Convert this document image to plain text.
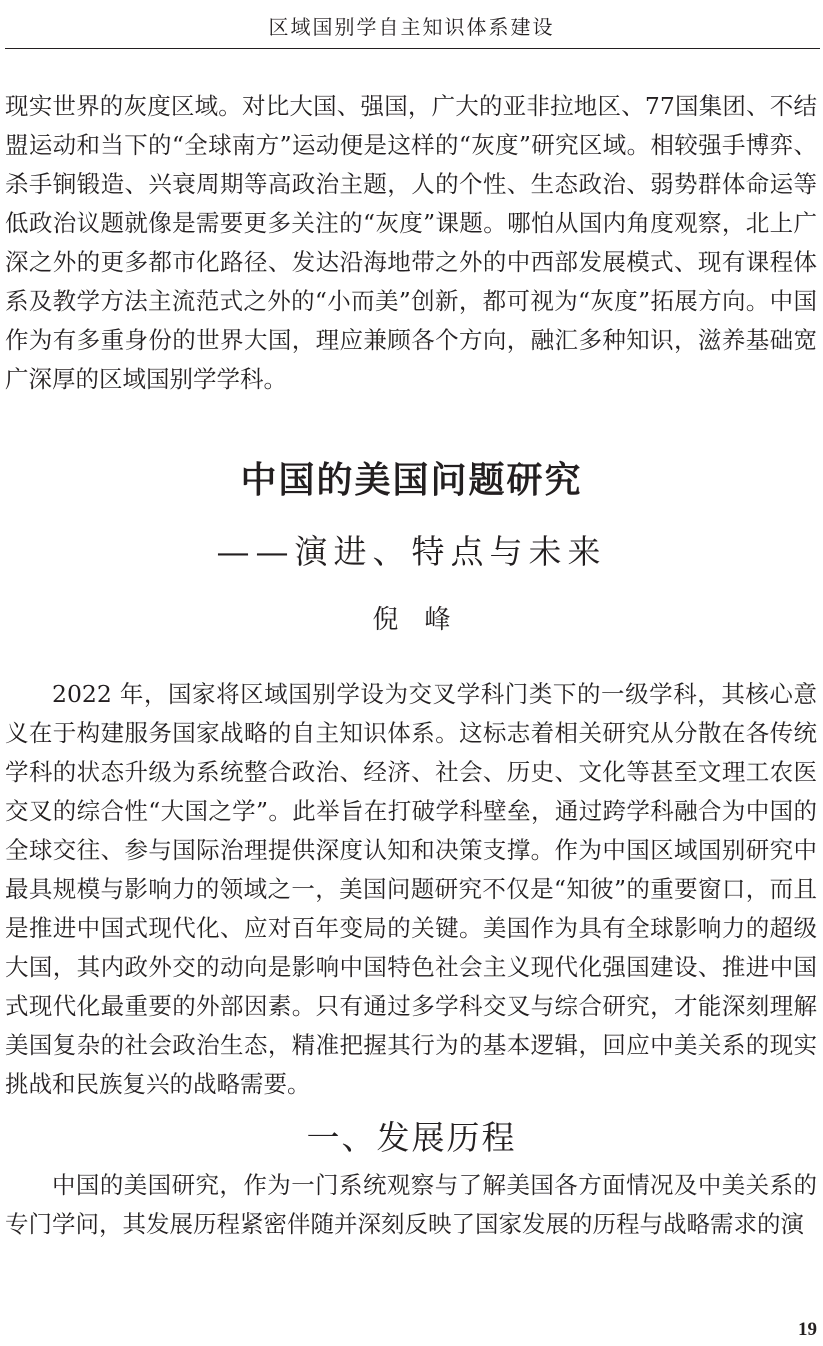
区域国别学自主知识体系建设

现实世界的灰度区域。对比大国、强国，广大的亚非拉地区、77国集团、不结盟运动和当下的“全球南方”运动便是这样的“灰度”研究区域。相较强手博弈、杀手锏锻造、兴衰周期等高政治主题，人的个性、生态政治、弱势群体命运等低政治议题就像是需要更多关注的“灰度”课题。哪怕从国内角度观察，北上广深之外的更多都市化路径、发达沿海地带之外的中西部发展模式、现有课程体系及教学方法主流范式之外的“小而美”创新，都可视为“灰度”拓展方向。中国作为有多重身份的世界大国，理应兼顾各个方向，融汇多种知识，滋养基础宽广深厚的区域国别学学科。

中国的美国问题研究
——演进、特点与未来
倪峰

2022 年，国家将区域国别学设为交叉学科门类下的一级学科，其核心意义在于构建服务国家战略的自主知识体系。这标志着相关研究从分散在各传统学科的状态升级为系统整合政治、经济、社会、历史、文化等甚至文理工农医交叉的综合性“大国之学”。此举旨在打破学科壁垒，通过跨学科融合为中国的全球交往、参与国际治理提供深度认知和决策支撑。作为中国区域国别研究中最具规模与影响力的领域之一，美国问题研究不仅是“知彼”的重要窗口，而且是推进中国式现代化、应对百年变局的关键。美国作为具有全球影响力的超级大国，其内政外交的动向是影响中国特色社会主义现代化强国建设、推进中国式现代化最重要的外部因素。只有通过多学科交叉与综合研究，才能深刻理解美国复杂的社会政治生态，精准把握其行为的基本逻辑，回应中美关系的现实挑战和民族复兴的战略需要。

一、发展历程

中国的美国研究，作为一门系统观察与了解美国各方面情况及中美关系的专门学问，其发展历程紧密伴随并深刻反映了国家发展的历程与战略需求的演

19
